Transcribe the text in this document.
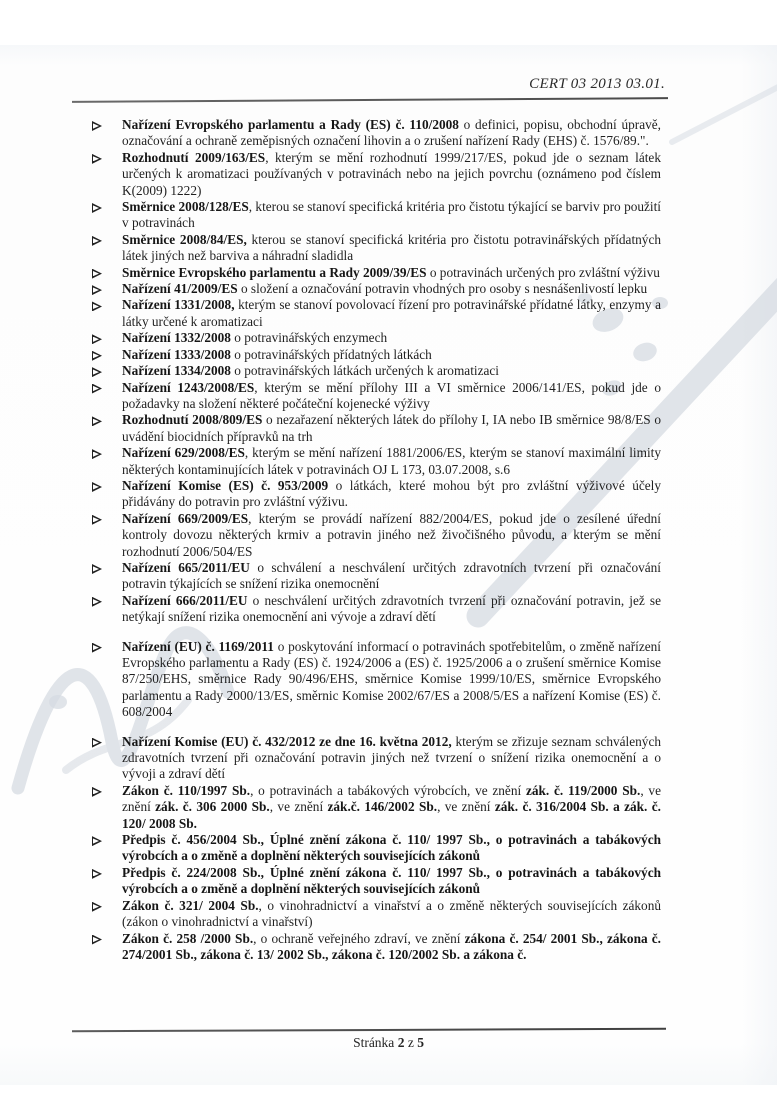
CERT 03 2013 03.01.
Nařízení Evropského parlamentu a Rady (ES) č. 110/2008 o definici, popisu, obchodní úpravě, označování a ochraně zeměpisných označení lihovin a o zrušení nařízení Rady (EHS) č. 1576/89.".
Rozhodnutí 2009/163/ES, kterým se mění rozhodnutí 1999/217/ES, pokud jde o seznam látek určených k aromatizaci používaných v potravinách nebo na jejich povrchu (oznámeno pod číslem K(2009) 1222)
Směrnice 2008/128/ES, kterou se stanoví specifická kritéria pro čistotu týkající se barviv pro použití v potravinách
Směrnice 2008/84/ES, kterou se stanoví specifická kritéria pro čistotu potravinářských přídatných látek jiných než barviva a náhradní sladidla
Směrnice Evropského parlamentu a Rady 2009/39/ES o potravinách určených pro zvláštní výživu
Nařízení 41/2009/ES o složení a označování potravin vhodných pro osoby s nesnášenlivostí lepku
Nařízení 1331/2008, kterým se stanoví povolovací řízení pro potravinářské přídatné látky, enzymy a látky určené k aromatizaci
Nařízení 1332/2008 o potravinářských enzymech
Nařízení 1333/2008 o potravinářských přídatných látkách
Nařízení 1334/2008 o potravinářských látkách určených k aromatizaci
Nařízení 1243/2008/ES, kterým se mění přílohy III a VI směrnice 2006/141/ES, pokud jde o požadavky na složení některé počáteční kojenecké výživy
Rozhodnutí 2008/809/ES o nezařazení některých látek do přílohy I, IA nebo IB směrnice 98/8/ES o uvádění biocidních přípravků na trh
Nařízení 629/2008/ES, kterým se mění nařízení 1881/2006/ES, kterým se stanoví maximální limity některých kontaminujících látek v potravinách OJ L 173, 03.07.2008, s.6
Nařízení Komise (ES) č. 953/2009 o látkách, které mohou být pro zvláštní výživové účely přidávány do potravin pro zvláštní výživu.
Nařízení 669/2009/ES, kterým se provádí nařízení 882/2004/ES, pokud jde o zesílené úřední kontroly dovozu některých krmiv a potravin jiného než živočišného původu, a kterým se mění rozhodnutí 2006/504/ES
Nařízení 665/2011/EU o schválení a neschválení určitých zdravotních tvrzení při označování potravin týkajících se snížení rizika onemocnění
Nařízení 666/2011/EU o neschválení určitých zdravotních tvrzení při označování potravin, jež se netýkají snížení rizika onemocnění ani vývoje a zdraví dětí
Nařízení (EU) č. 1169/2011 o poskytování informací o potravinách spotřebitelům, o změně nařízení Evropského parlamentu a Rady (ES) č. 1924/2006 a (ES) č. 1925/2006 a o zrušení směrnice Komise 87/250/EHS, směrnice Rady 90/496/EHS, směrnice Komise 1999/10/ES, směrnice Evropského parlamentu a Rady 2000/13/ES, směrnic Komise 2002/67/ES a 2008/5/ES a nařízení Komise (ES) č. 608/2004
Nařízení Komise (EU) č. 432/2012 ze dne 16. května 2012, kterým se zřizuje seznam schválených zdravotních tvrzení při označování potravin jiných než tvrzení o snížení rizika onemocnění a o vývoji a zdraví dětí
Zákon č. 110/1997 Sb., o potravinách a tabákových výrobcích, ve znění zák. č. 119/2000 Sb., ve znění zák. č. 306 2000 Sb., ve znění zák.č. 146/2002 Sb., ve znění zák. č. 316/2004 Sb. a zák. č. 120/ 2008 Sb.
Předpis č. 456/2004 Sb., Úplné znění zákona č. 110/ 1997 Sb., o potravinách a tabákových výrobcích a o změně a doplnění některých souvisejících zákonů
Předpis č. 224/2008 Sb., Úplné znění zákona č. 110/ 1997 Sb., o potravinách a tabákových výrobcích a o změně a doplnění některých souvisejících zákonů
Zákon č. 321/ 2004 Sb., o vinohradnictví a vinařství a o změně některých souvisejících zákonů (zákon o vinohradnictví a vinařství)
Zákon č. 258 /2000 Sb., o ochraně veřejného zdraví, ve znění zákona č. 254/ 2001 Sb., zákona č. 274/2001 Sb., zákona č. 13/ 2002 Sb., zákona č. 120/2002 Sb. a zákona č.
Stránka 2 z 5
